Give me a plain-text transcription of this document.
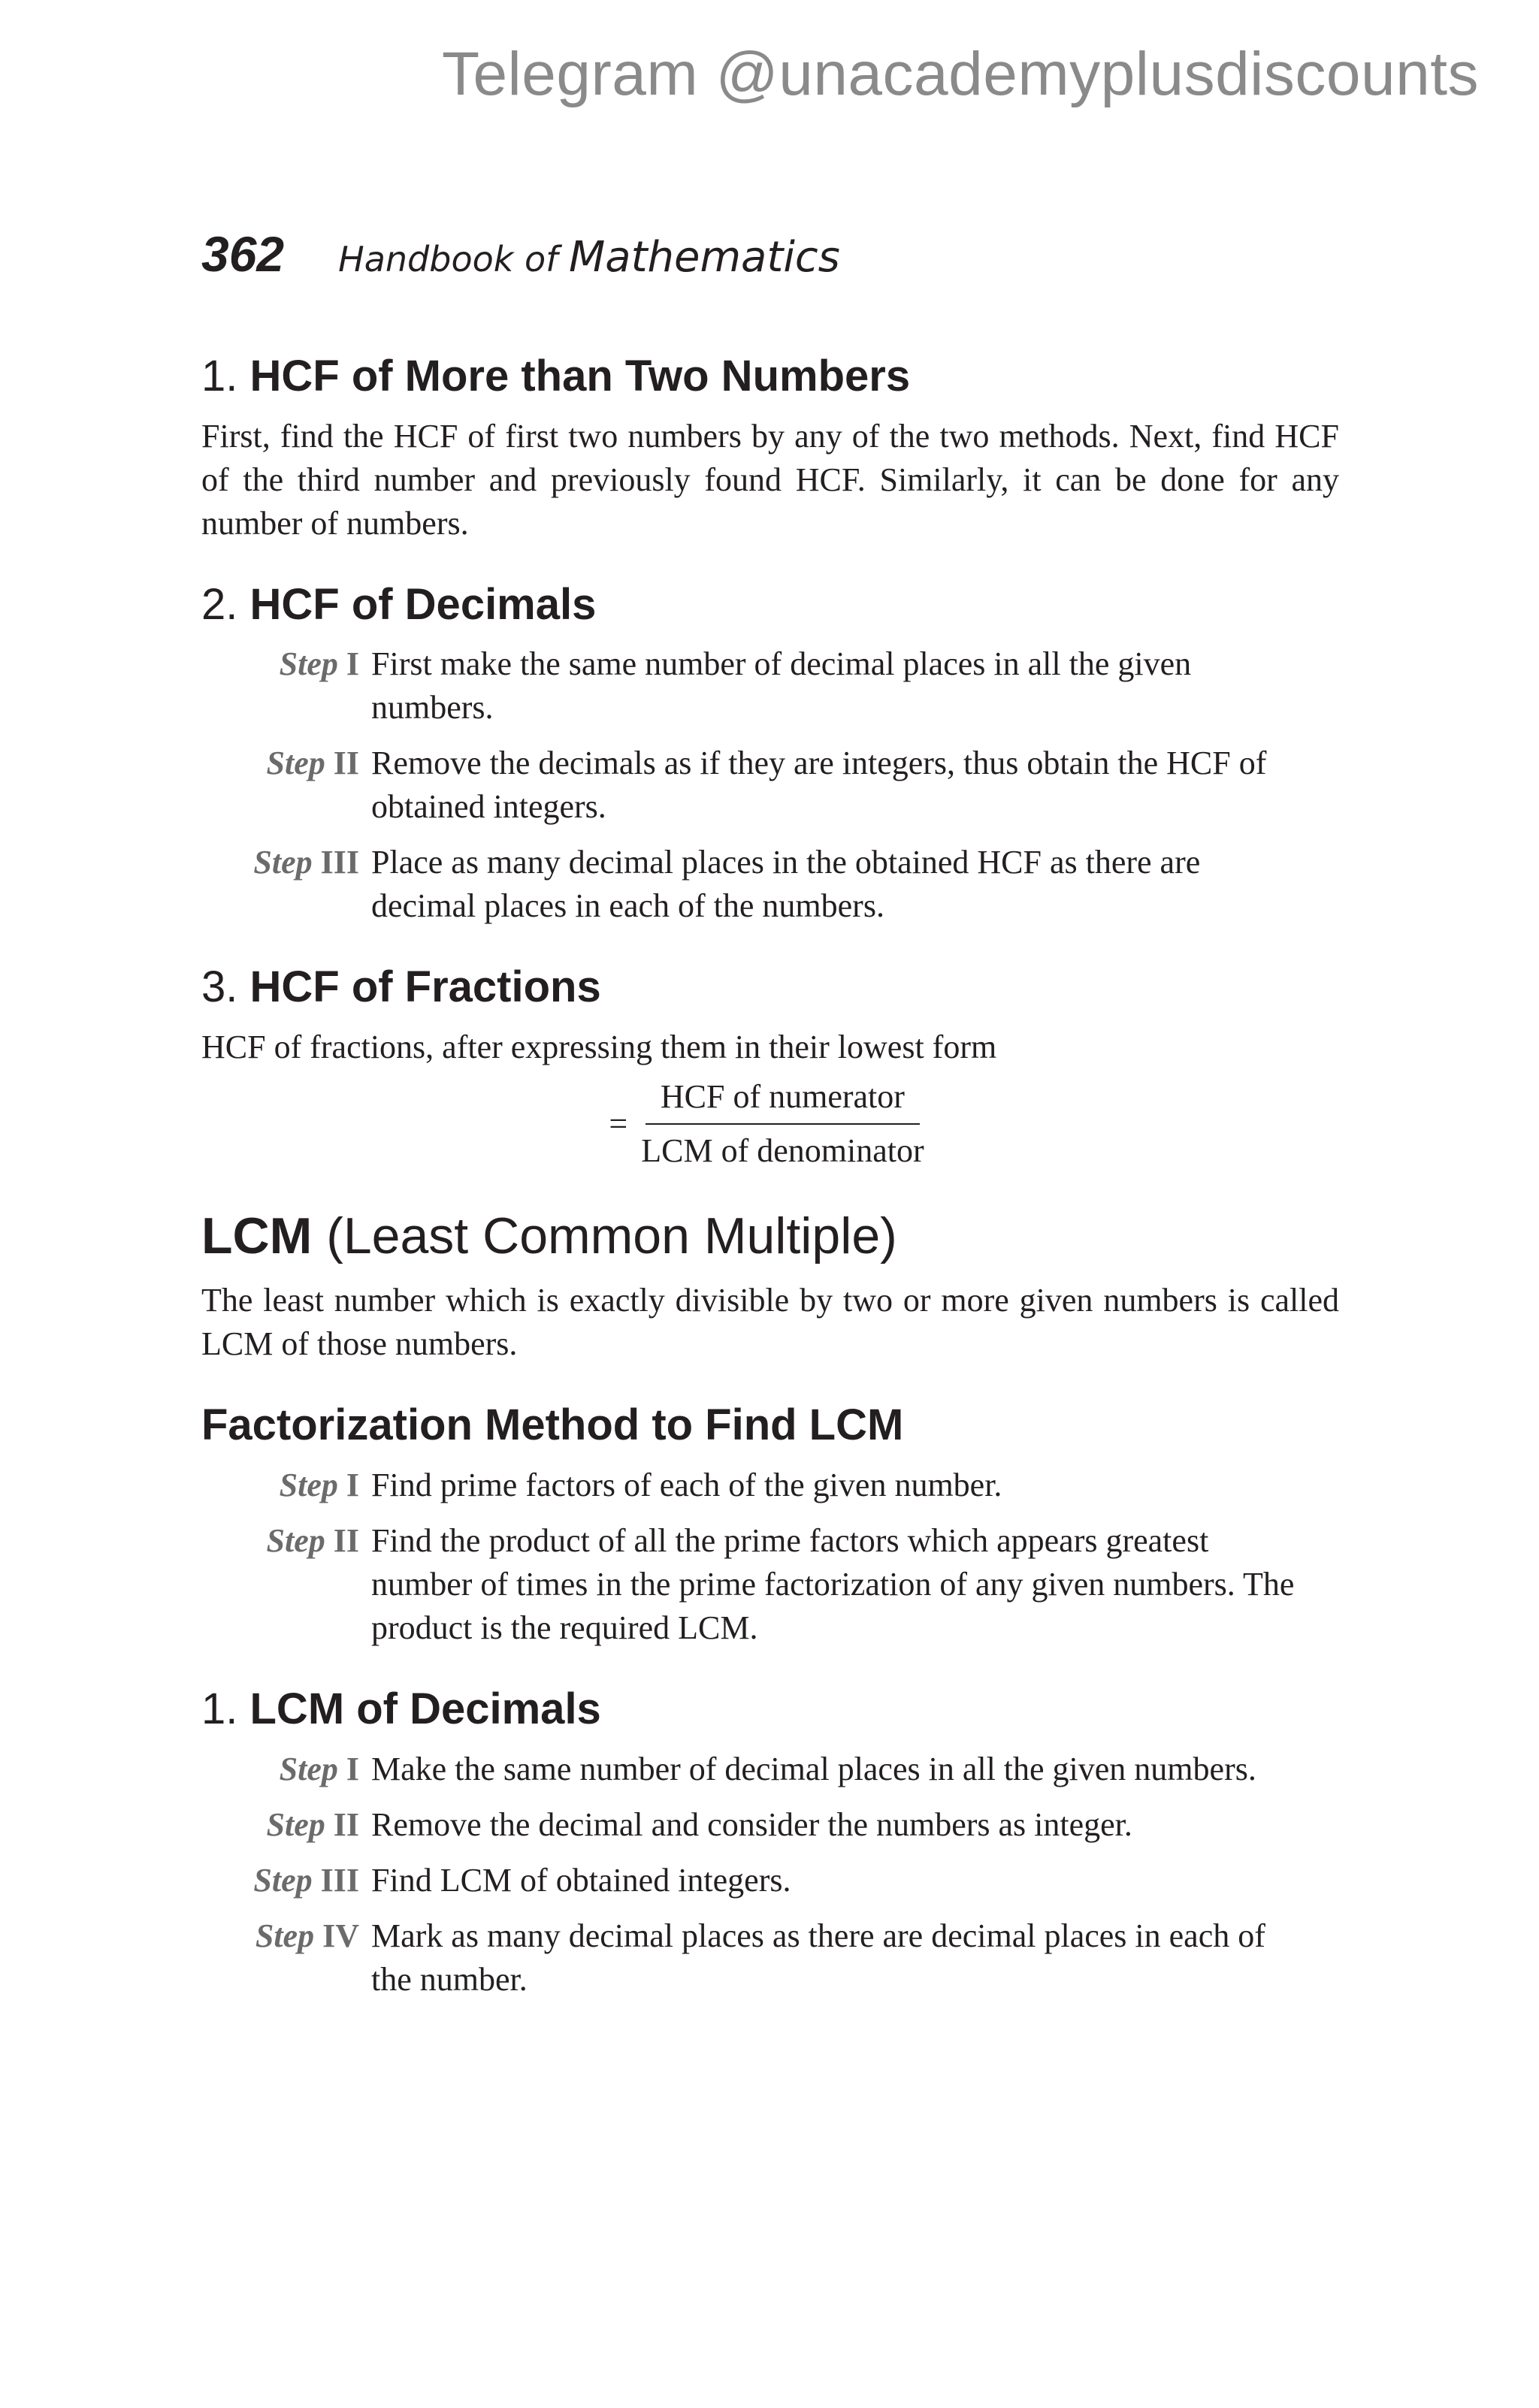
Telegram @unacademyplusdiscounts
362 Handbook of Mathematics
1. HCF of More than Two Numbers

First, find the HCF of first two numbers by any of the two methods. Next, find HCF of the third number and previously found HCF. Similarly, it can be done for any number of numbers.

2. HCF of Decimals
Step I First make the same number of decimal places in all the given numbers.
Step II Remove the decimals as if they are integers, thus obtain the HCF of obtained integers.
Step III Place as many decimal places in the obtained HCF as there are decimal places in each of the numbers.
3. HCF of Fractions

HCF of fractions, after expressing them in their lowest form

= $\frac{\text{HCF of numerator}}{\text{LCM of denominator}}$
LCM (Least Common Multiple)

The least number which is exactly divisible by two or more given numbers is called LCM of those numbers.

Factorization Method to Find LCM
Step I Find prime factors of each of the given number.
Step II Find the product of all the prime factors which appears greatest number of times in the prime factorization of any given numbers. The product is the required LCM.
1. LCM of Decimals
Step I Make the same number of decimal places in all the given numbers.
Step II Remove the decimal and consider the numbers as integer.
Step III Find LCM of obtained integers.
Step IV Mark as many decimal places as there are decimal places in each of the number.
